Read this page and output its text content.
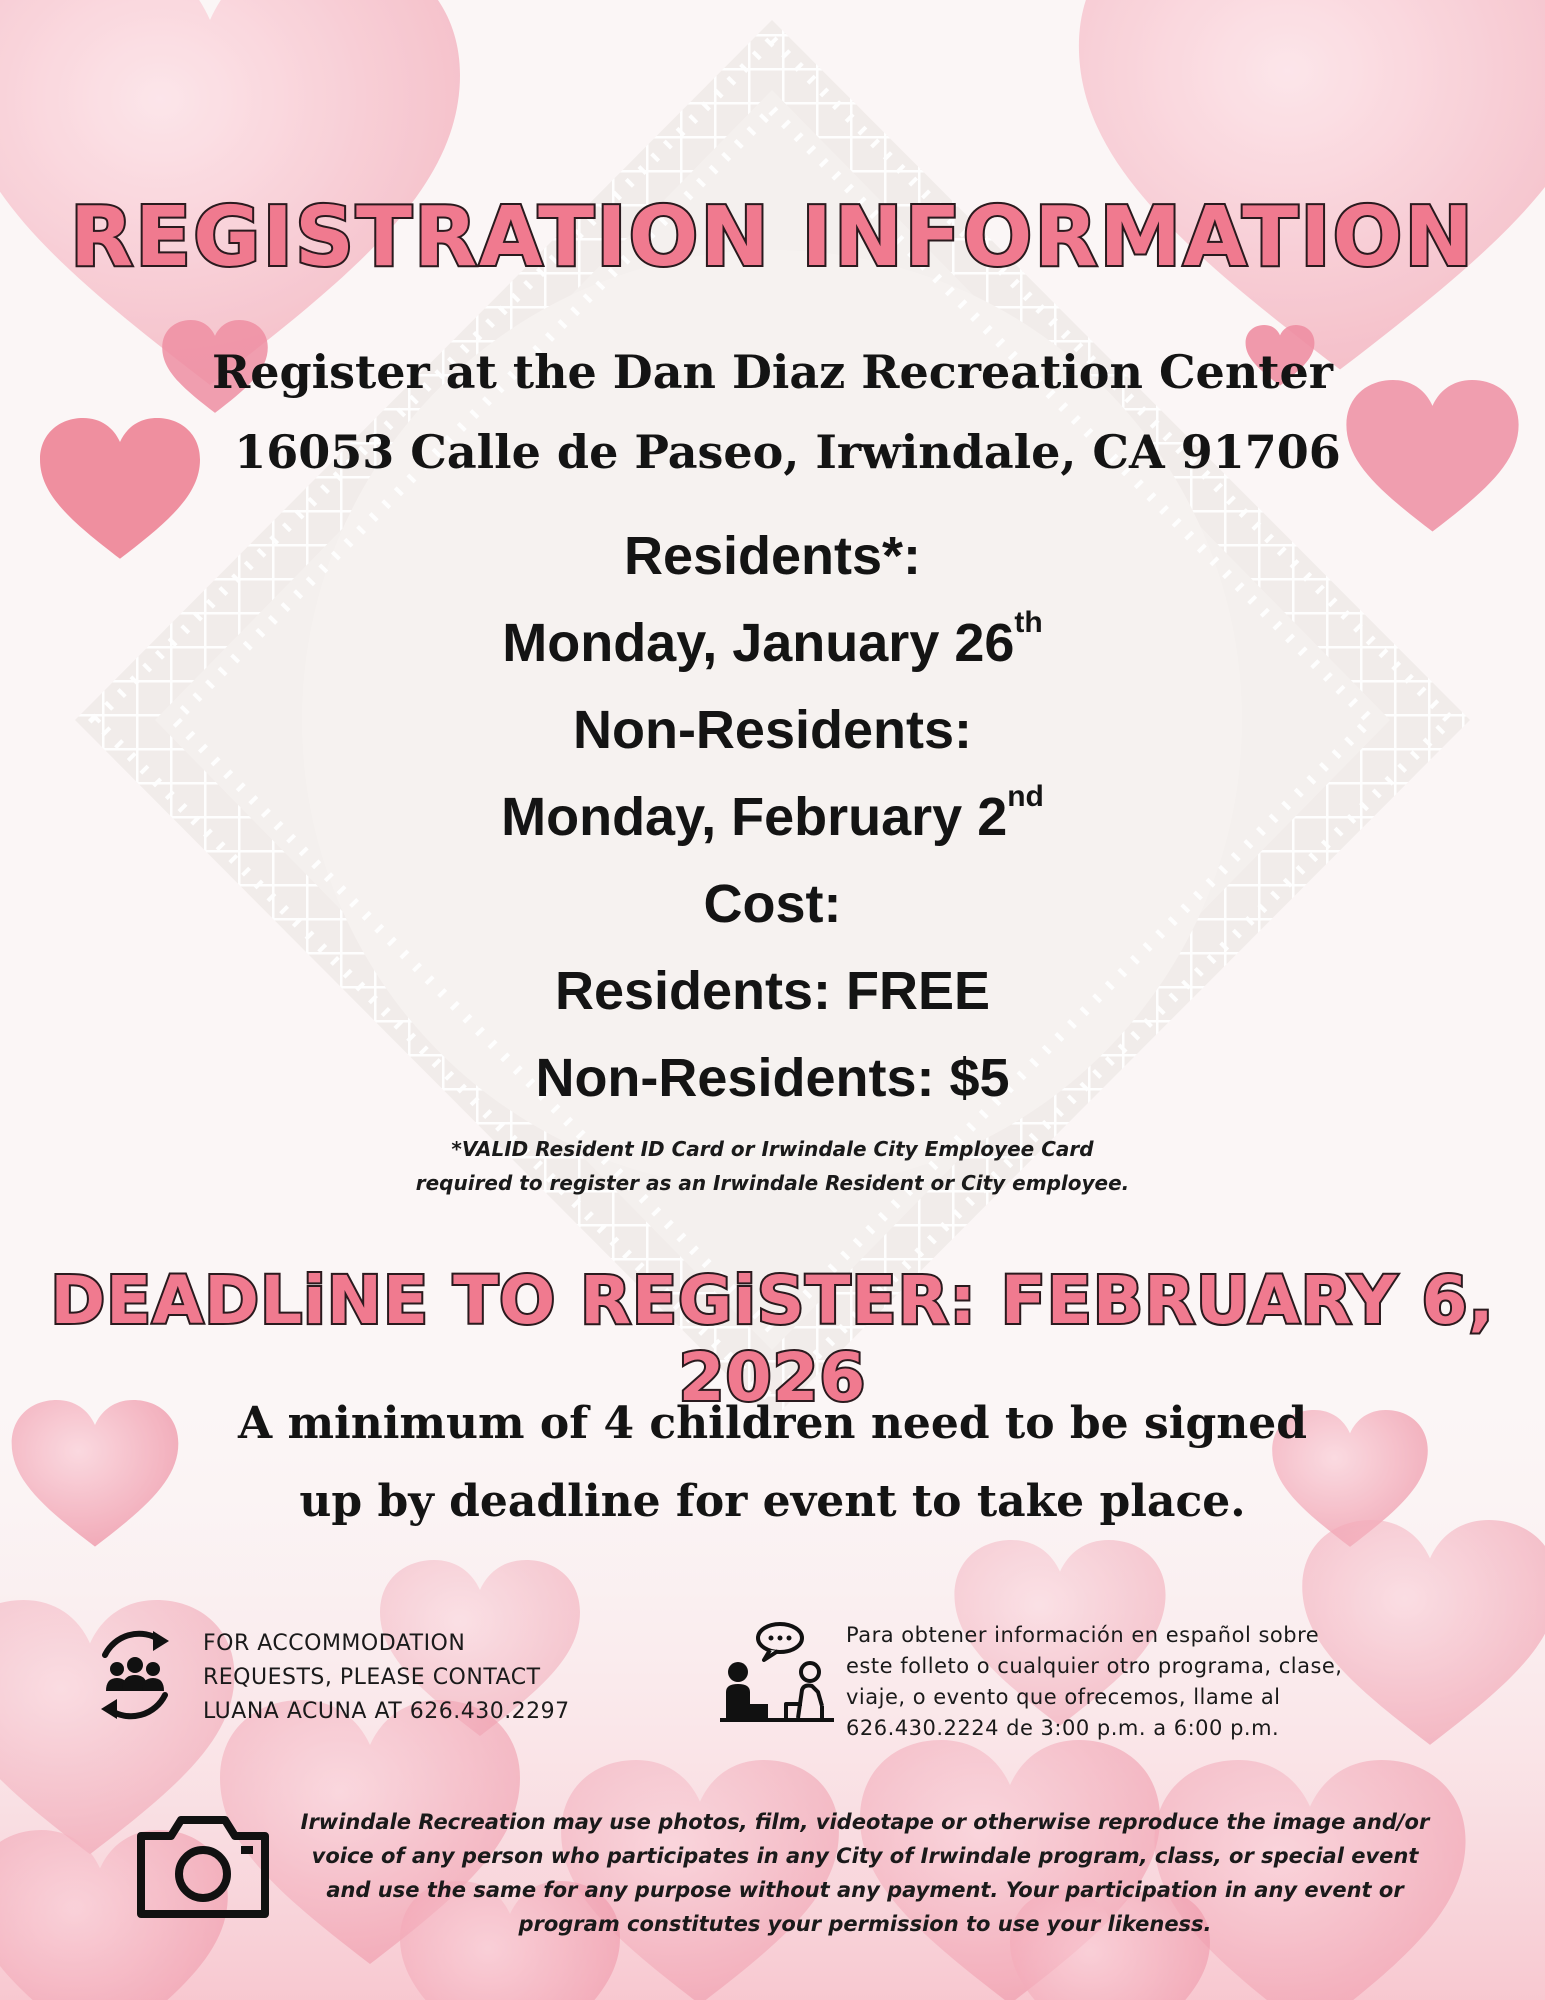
REGISTRATION INFORMATION
Register at the Dan Diaz Recreation Center
16053 Calle de Paseo, Irwindale, CA 91706
Residents*:
Monday, January 26th
Non-Residents:
Monday, February 2nd
Cost:
Residents: FREE
Non-Residents: $5
*VALID Resident ID Card or Irwindale City Employee Card
required to register as an Irwindale Resident or City employee.
DEADLiNE TO REGiSTER: FEBRUARY 6, 2026
A minimum of 4 children need to be signed
up by deadline for event to take place.
FOR ACCOMMODATION
REQUESTS, PLEASE CONTACT
LUANA ACUNA AT 626.430.2297
Para obtener información en español sobre
este folleto o cualquier otro programa, clase,
viaje, o evento que ofrecemos, llame al
626.430.2224 de 3:00 p.m. a 6:00 p.m.
Irwindale Recreation may use photos, film, videotape or otherwise reproduce the image and/or
voice of any person who participates in any City of Irwindale program, class, or special event
and use the same for any purpose without any payment. Your participation in any event or
program constitutes your permission to use your likeness.
